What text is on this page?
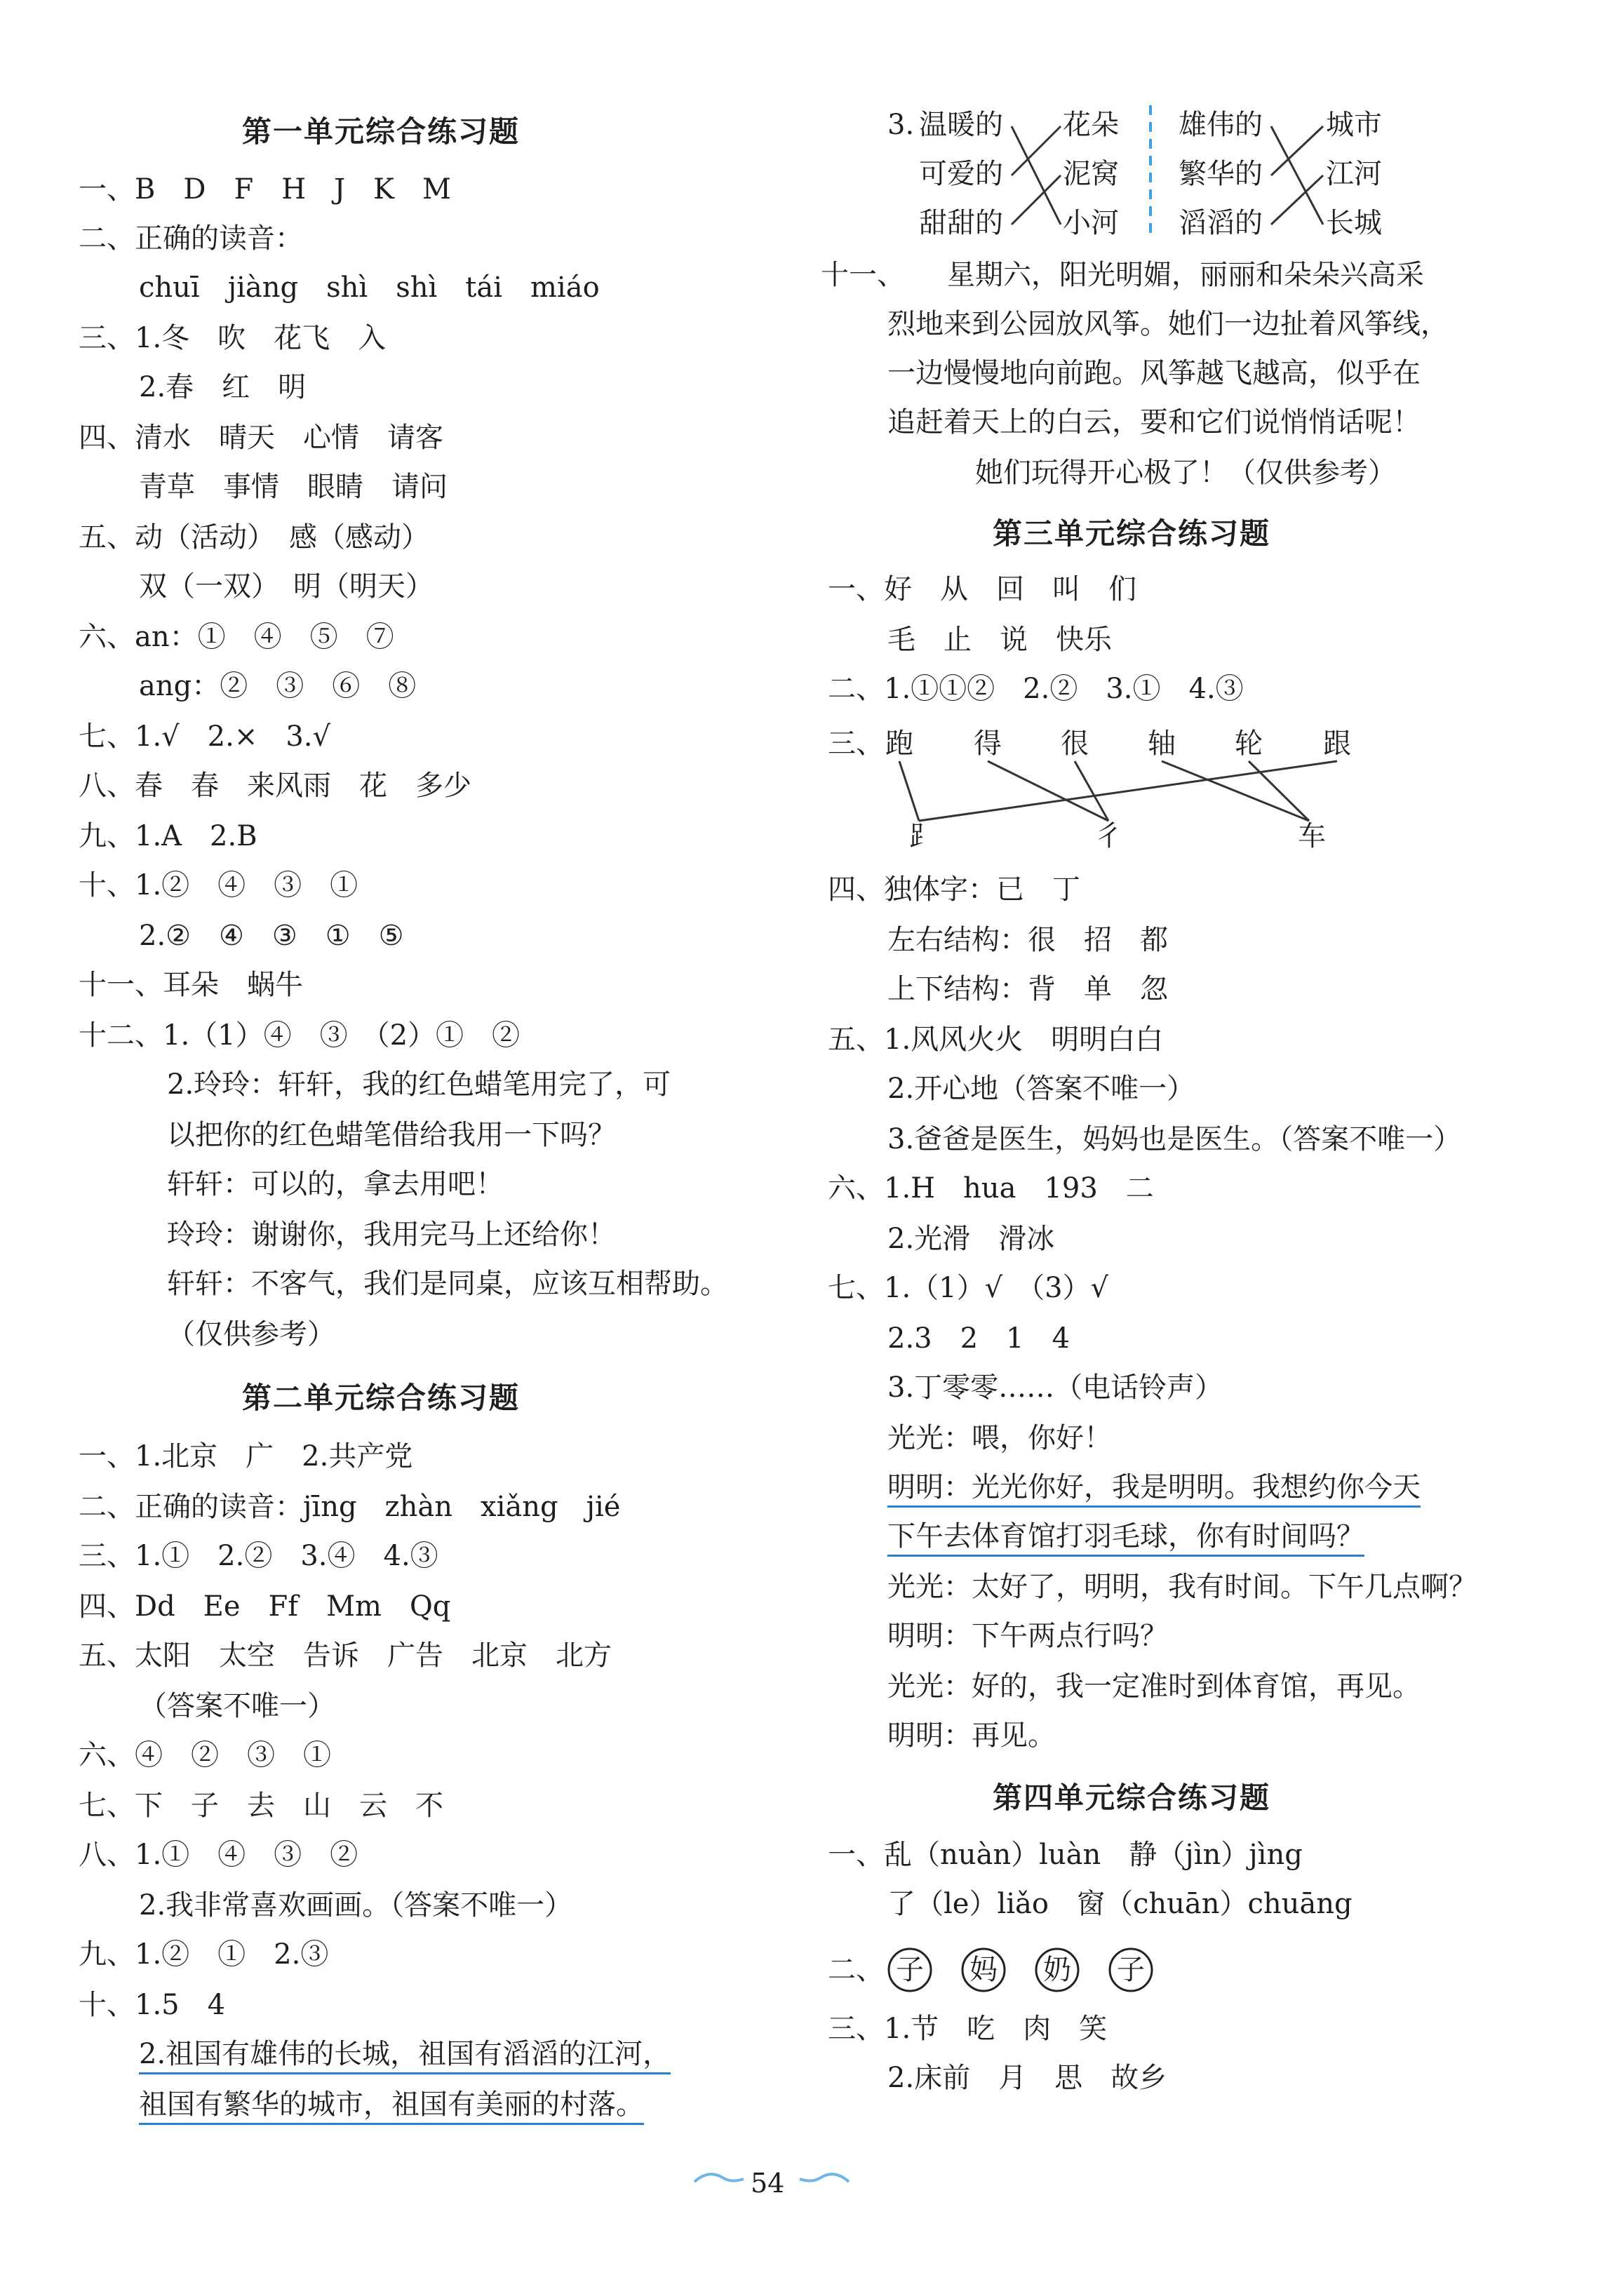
第一单元综合练习题
一、B　D　F　H　J　K　M
二、正确的读音：
chuī　jiàng　shì　shì　tái　miáo
三、1.冬　吹　花飞　入
2.春　红　明
四、清水　晴天　心情　请客
青草　事情　眼睛　请问
五、动（活动）　感（感动）
双（一双）　明（明天）
六、an：①　④　⑤　⑦
ang：②　③　⑥　⑧
七、1.√　2.×　3.√
八、春　春　来风雨　花　多少
九、1.A　2.B
十、1.②　④　③　①
2.②　④　③　①　⑤
十一、耳朵　蜗牛
十二、1.（1）④　③　（2）①　②
2.玲玲：轩轩，我的红色蜡笔用完了，可
以把你的红色蜡笔借给我用一下吗？
轩轩：可以的，拿去用吧！
玲玲：谢谢你，我用完马上还给你！
轩轩：不客气，我们是同桌，应该互相帮助。
（仅供参考）
第二单元综合练习题
一、1.北京　广　2.共产党
二、正确的读音：jīng　zhàn　xiǎng　jié
三、1.①　2.②　3.④　4.③
四、Dd　Ee　Ff　Mm　Qq
五、太阳　太空　告诉　广告　北京　北方
（答案不唯一）
六、④　②　③　①
七、下　子　去　山　云　不
八、1.①　④　③　②
2.我非常喜欢画画。（答案不唯一）
九、1.②　①　2.③
十、1.5　4
2.祖国有雄伟的长城，祖国有滔滔的江河，
祖国有繁华的城市，祖国有美丽的村落。
3. 温暖的
可爱的
甜甜的
花朵
泥窝
小河
雄伟的
繁华的
滔滔的
城市
江河
长城
十一、　　星期六，阳光明媚，丽丽和朵朵兴高采
烈地来到公园放风筝。她们一边扯着风筝线，
一边慢慢地向前跑。风筝越飞越高，似乎在
追赶着天上的白云，要和它们说悄悄话呢！
她们玩得开心极了！（仅供参考）
第三单元综合练习题
一、好　从　回　叫　们
毛　止　说　快乐
二、1.①①②　2.②　3.①　4.③
三、 跑 得 很 轴 轮 跟
⻊	彳	车
四、独体字：已　丁
左右结构：很　招　都
上下结构：背　单　忽
五、1.风风火火　明明白白
2.开心地（答案不唯一）
3.爸爸是医生，妈妈也是医生。（答案不唯一）
六、1.H　hua　193　二
2.光滑　滑冰
七、1.（1）√　（3）√
2.3　2　1　4
3.丁零零……（电话铃声）
光光：喂，你好！
明明：光光你好，我是明明。我想约你今天
下午去体育馆打羽毛球，你有时间吗？
光光：太好了，明明，我有时间。下午几点啊？
明明：下午两点行吗？
光光：好的，我一定准时到体育馆，再见。
明明：再见。
第四单元综合练习题
一、乱（nuàn）luàn　静（jìn）jìng
了（le）liǎo　窗（chuān）chuāng
二、 子 妈 奶 子
三、1.节　吃　肉　笑
2.床前　月　思　故乡
54
